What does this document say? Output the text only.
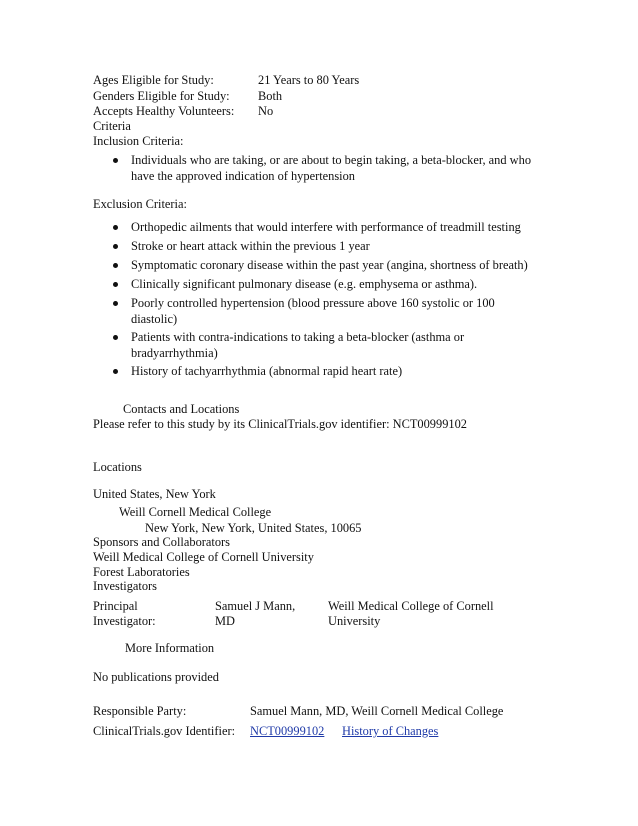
Ages Eligible for Study:	21 Years to 80 Years
Genders Eligible for Study: Both
Accepts Healthy Volunteers: No
Criteria
Inclusion Criteria:
Individuals who are taking, or are about to begin taking, a beta-blocker, and who have the approved indication of hypertension
Exclusion Criteria:
Orthopedic ailments that would interfere with performance of treadmill testing
Stroke or heart attack within the previous 1 year
Symptomatic coronary disease within the past year (angina, shortness of breath)
Clinically significant pulmonary disease (e.g. emphysema or asthma).
Poorly controlled hypertension (blood pressure above 160 systolic or 100 diastolic)
Patients with contra-indications to taking a beta-blocker (asthma or bradyarrhythmia)
History of tachyarrhythmia (abnormal rapid heart rate)
Contacts and Locations
Please refer to this study by its ClinicalTrials.gov identifier: NCT00999102
Locations
United States, New York
Weill Cornell Medical College
New York, New York, United States, 10065
Sponsors and Collaborators
Weill Medical College of Cornell University
Forest Laboratories
Investigators
Principal Investigator:
Samuel J Mann, MD
Weill Medical College of Cornell University
More Information
No publications provided
Responsible Party:	Samuel Mann, MD, Weill Cornell Medical College
ClinicalTrials.gov Identifier: NCT00999102 History of Changes
